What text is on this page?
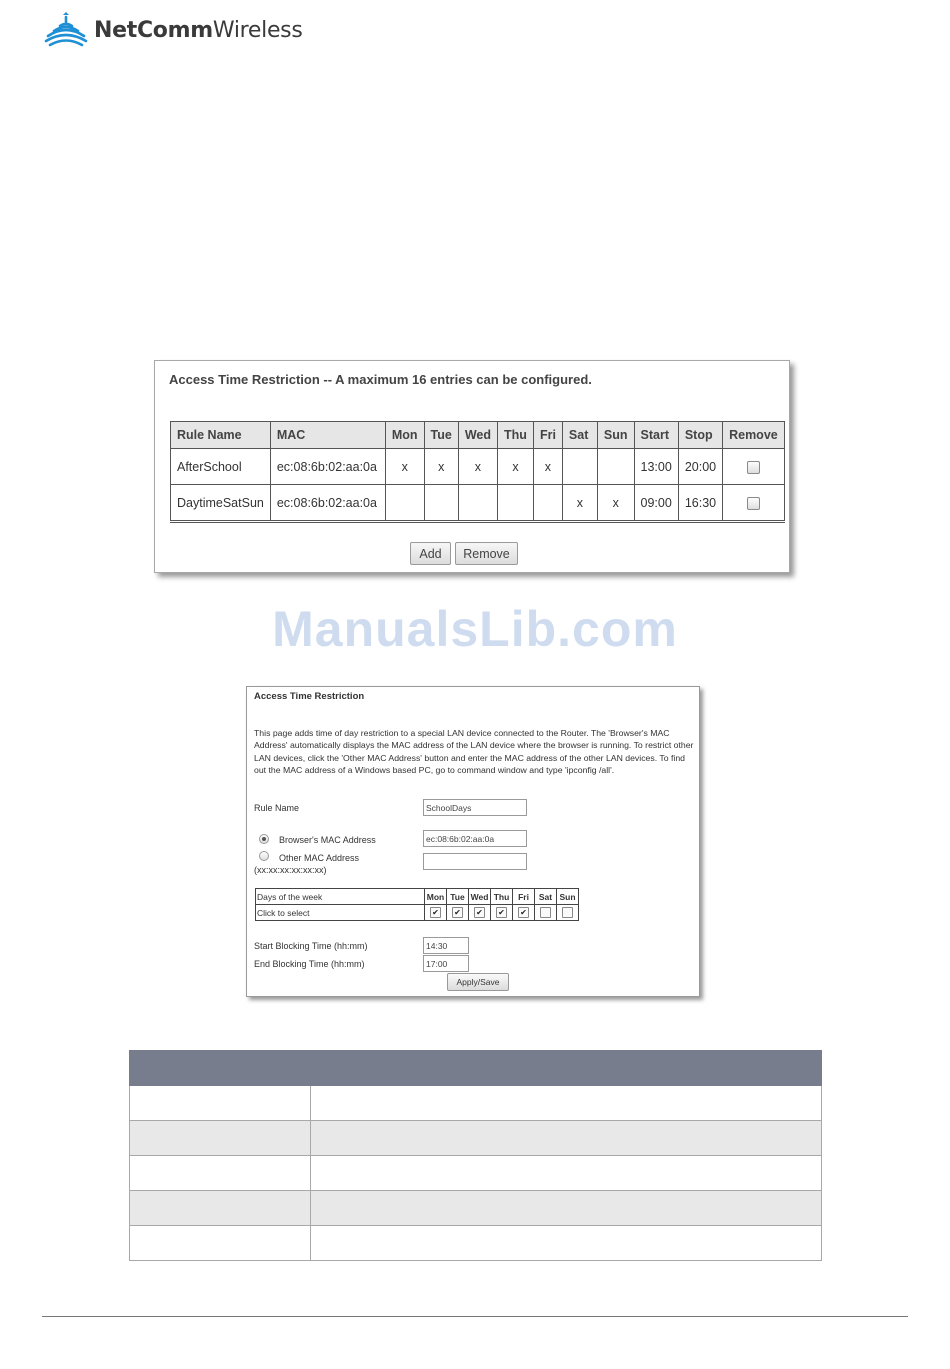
NetCommWireless
Access Time Restriction -- A maximum 16 entries can be configured.
Rule Name	MAC	Mon	Tue	Wed	Thu	Fri	Sat	Sun	Start	Stop	Remove
AfterSchool	ec:08:6b:02:aa:0a	x	x	x	x	x			13:00	20:00	
DaytimeSatSun	ec:08:6b:02:aa:0a						x	x	09:00	16:30	
Add	Remove
ManualsLib.com
Access Time Restriction
This page adds time of day restriction to a special LAN device connected to the Router. The 'Browser's MAC Address' automatically displays the MAC address of the LAN device where the browser is running. To restrict other LAN devices, click the 'Other MAC Address' button and enter the MAC address of the other LAN devices. To find out the MAC address of a Windows based PC, go to command window and type 'ipconfig /all'.
Rule Name	SchoolDays
Browser's MAC Address	ec:08:6b:02:aa:0a
Other MAC Address
(xx:xx:xx:xx:xx:xx)
Days of the week	Mon	Tue	Wed	Thu	Fri	Sat	Sun
Click to select	✔	✔	✔	✔	✔		
Start Blocking Time (hh:mm)	14:30
End Blocking Time (hh:mm)	17:00
Apply/Save
